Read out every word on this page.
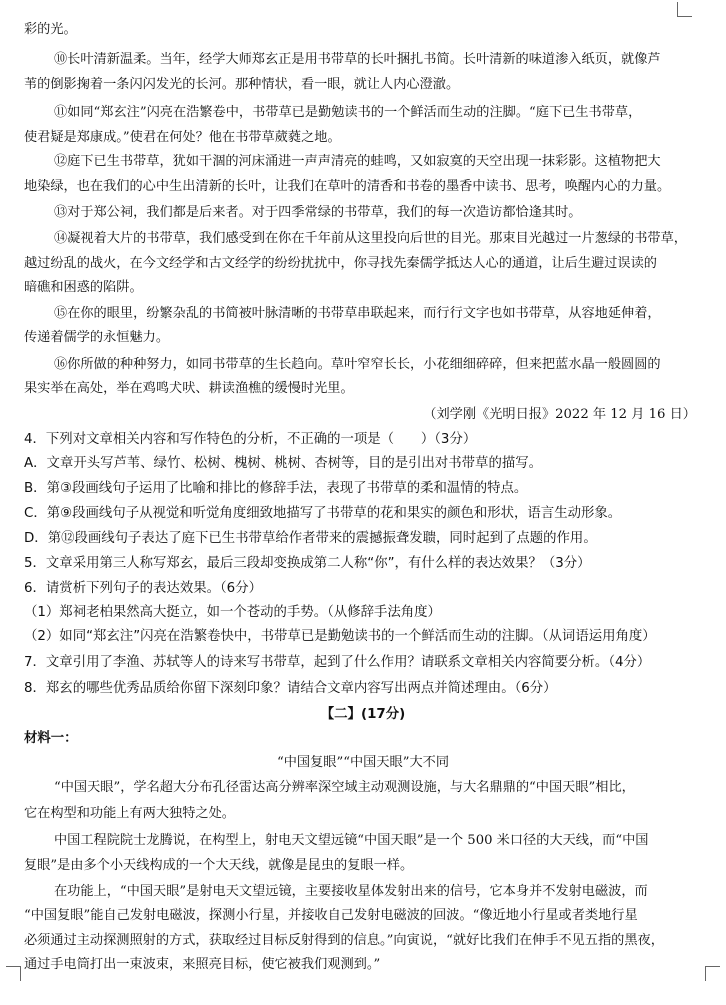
彩的光。
⑩长叶清新温柔。当年，经学大师郑玄正是用书带草的长叶捆扎书简。长叶清新的味道渗入纸页，就像芦
苇的倒影掬着一条闪闪发光的长河。那种情状，看一眼，就让人内心澄澈。
⑪如同“郑玄注”闪亮在浩繁卷中，书带草已是勤勉读书的一个鲜活而生动的注脚。“庭下已生书带草，
使君疑是郑康成。”使君在何处？他在书带草葳蕤之地。
⑫庭下已生书带草，犹如干涸的河床涌进一声声清亮的蛙鸣，又如寂寞的天空出现一抹彩影。这植物把大
地染绿，也在我们的心中生出清新的长叶，让我们在草叶的清香和书卷的墨香中读书、思考，唤醒内心的力量。
⑬对于郑公祠，我们都是后来者。对于四季常绿的书带草，我们的每一次造访都恰逢其时。
⑭凝视着大片的书带草，我们感受到在你在千年前从这里投向后世的目光。那束目光越过一片葱绿的书带草，
越过纷乱的战火，在今文经学和古文经学的纷纷扰扰中，你寻找先秦儒学抵达人心的通道，让后生避过误读的
暗礁和困惑的陷阱。
⑮在你的眼里，纷繁杂乱的书简被叶脉清晰的书带草串联起来，而行行文字也如书带草，从容地延伸着，
传递着儒学的永恒魅力。
⑯你所做的种种努力，如同书带草的生长趋向。草叶窄窄长长，小花细细碎碎，但来把蓝水晶一般圆圆的
果实举在高处，举在鸡鸣犬吠、耕读渔樵的缓慢时光里。
（刘学刚《光明日报》2022 年 12 月 16 日）
4．下列对文章相关内容和写作特色的分析，不正确的一项是（　　）（3分）
A．文章开头写芦苇、绿竹、松树、槐树、桃树、杏树等，目的是引出对书带草的描写。
B．第③段画线句子运用了比喻和排比的修辞手法，表现了书带草的柔和温情的特点。
C．第⑨段画线句子从视觉和听觉角度细致地描写了书带草的花和果实的颜色和形状，语言生动形象。
D．第⑫段画线句子表达了庭下已生书带草给作者带来的震撼振聋发聩，同时起到了点题的作用。
5．文章采用第三人称写郑玄，最后三段却变换成第二人称“你”，有什么样的表达效果？（3分）
6．请赏析下列句子的表达效果。（6分）
（1）郑祠老柏果然高大挺立，如一个苍动的手势。（从修辞手法角度）
（2）如同“郑玄注”闪亮在浩繁卷快中，书带草已是勤勉读书的一个鲜活而生动的注脚。（从词语运用角度）
7．文章引用了李渔、苏轼等人的诗来写书带草，起到了什么作用？请联系文章相关内容简要分析。（4分）
8．郑玄的哪些优秀品质给你留下深刻印象？请结合文章内容写出两点并简述理由。（6分）
【二】(17分)
材料一：
“中国复眼”“中国天眼”大不同
“中国天眼”，学名超大分布孔径雷达高分辨率深空域主动观测设施，与大名鼎鼎的“中国天眼”相比，
它在构型和功能上有两大独特之处。
中国工程院院士龙腾说，在构型上，射电天文望远镜“中国天眼”是一个 500 米口径的大天线，而“中国
复眼”是由多个小天线构成的一个大天线，就像是昆虫的复眼一样。
在功能上，“中国天眼”是射电天文望远镜，主要接收星体发射出来的信号，它本身并不发射电磁波，而
“中国复眼”能自己发射电磁波，探测小行星，并接收自己发射电磁波的回波。“像近地小行星或者类地行星
必须通过主动探测照射的方式，获取经过目标反射得到的信息。”向寅说，“就好比我们在伸手不见五指的黑夜，
通过手电筒打出一束波束，来照亮目标，使它被我们观测到。”
